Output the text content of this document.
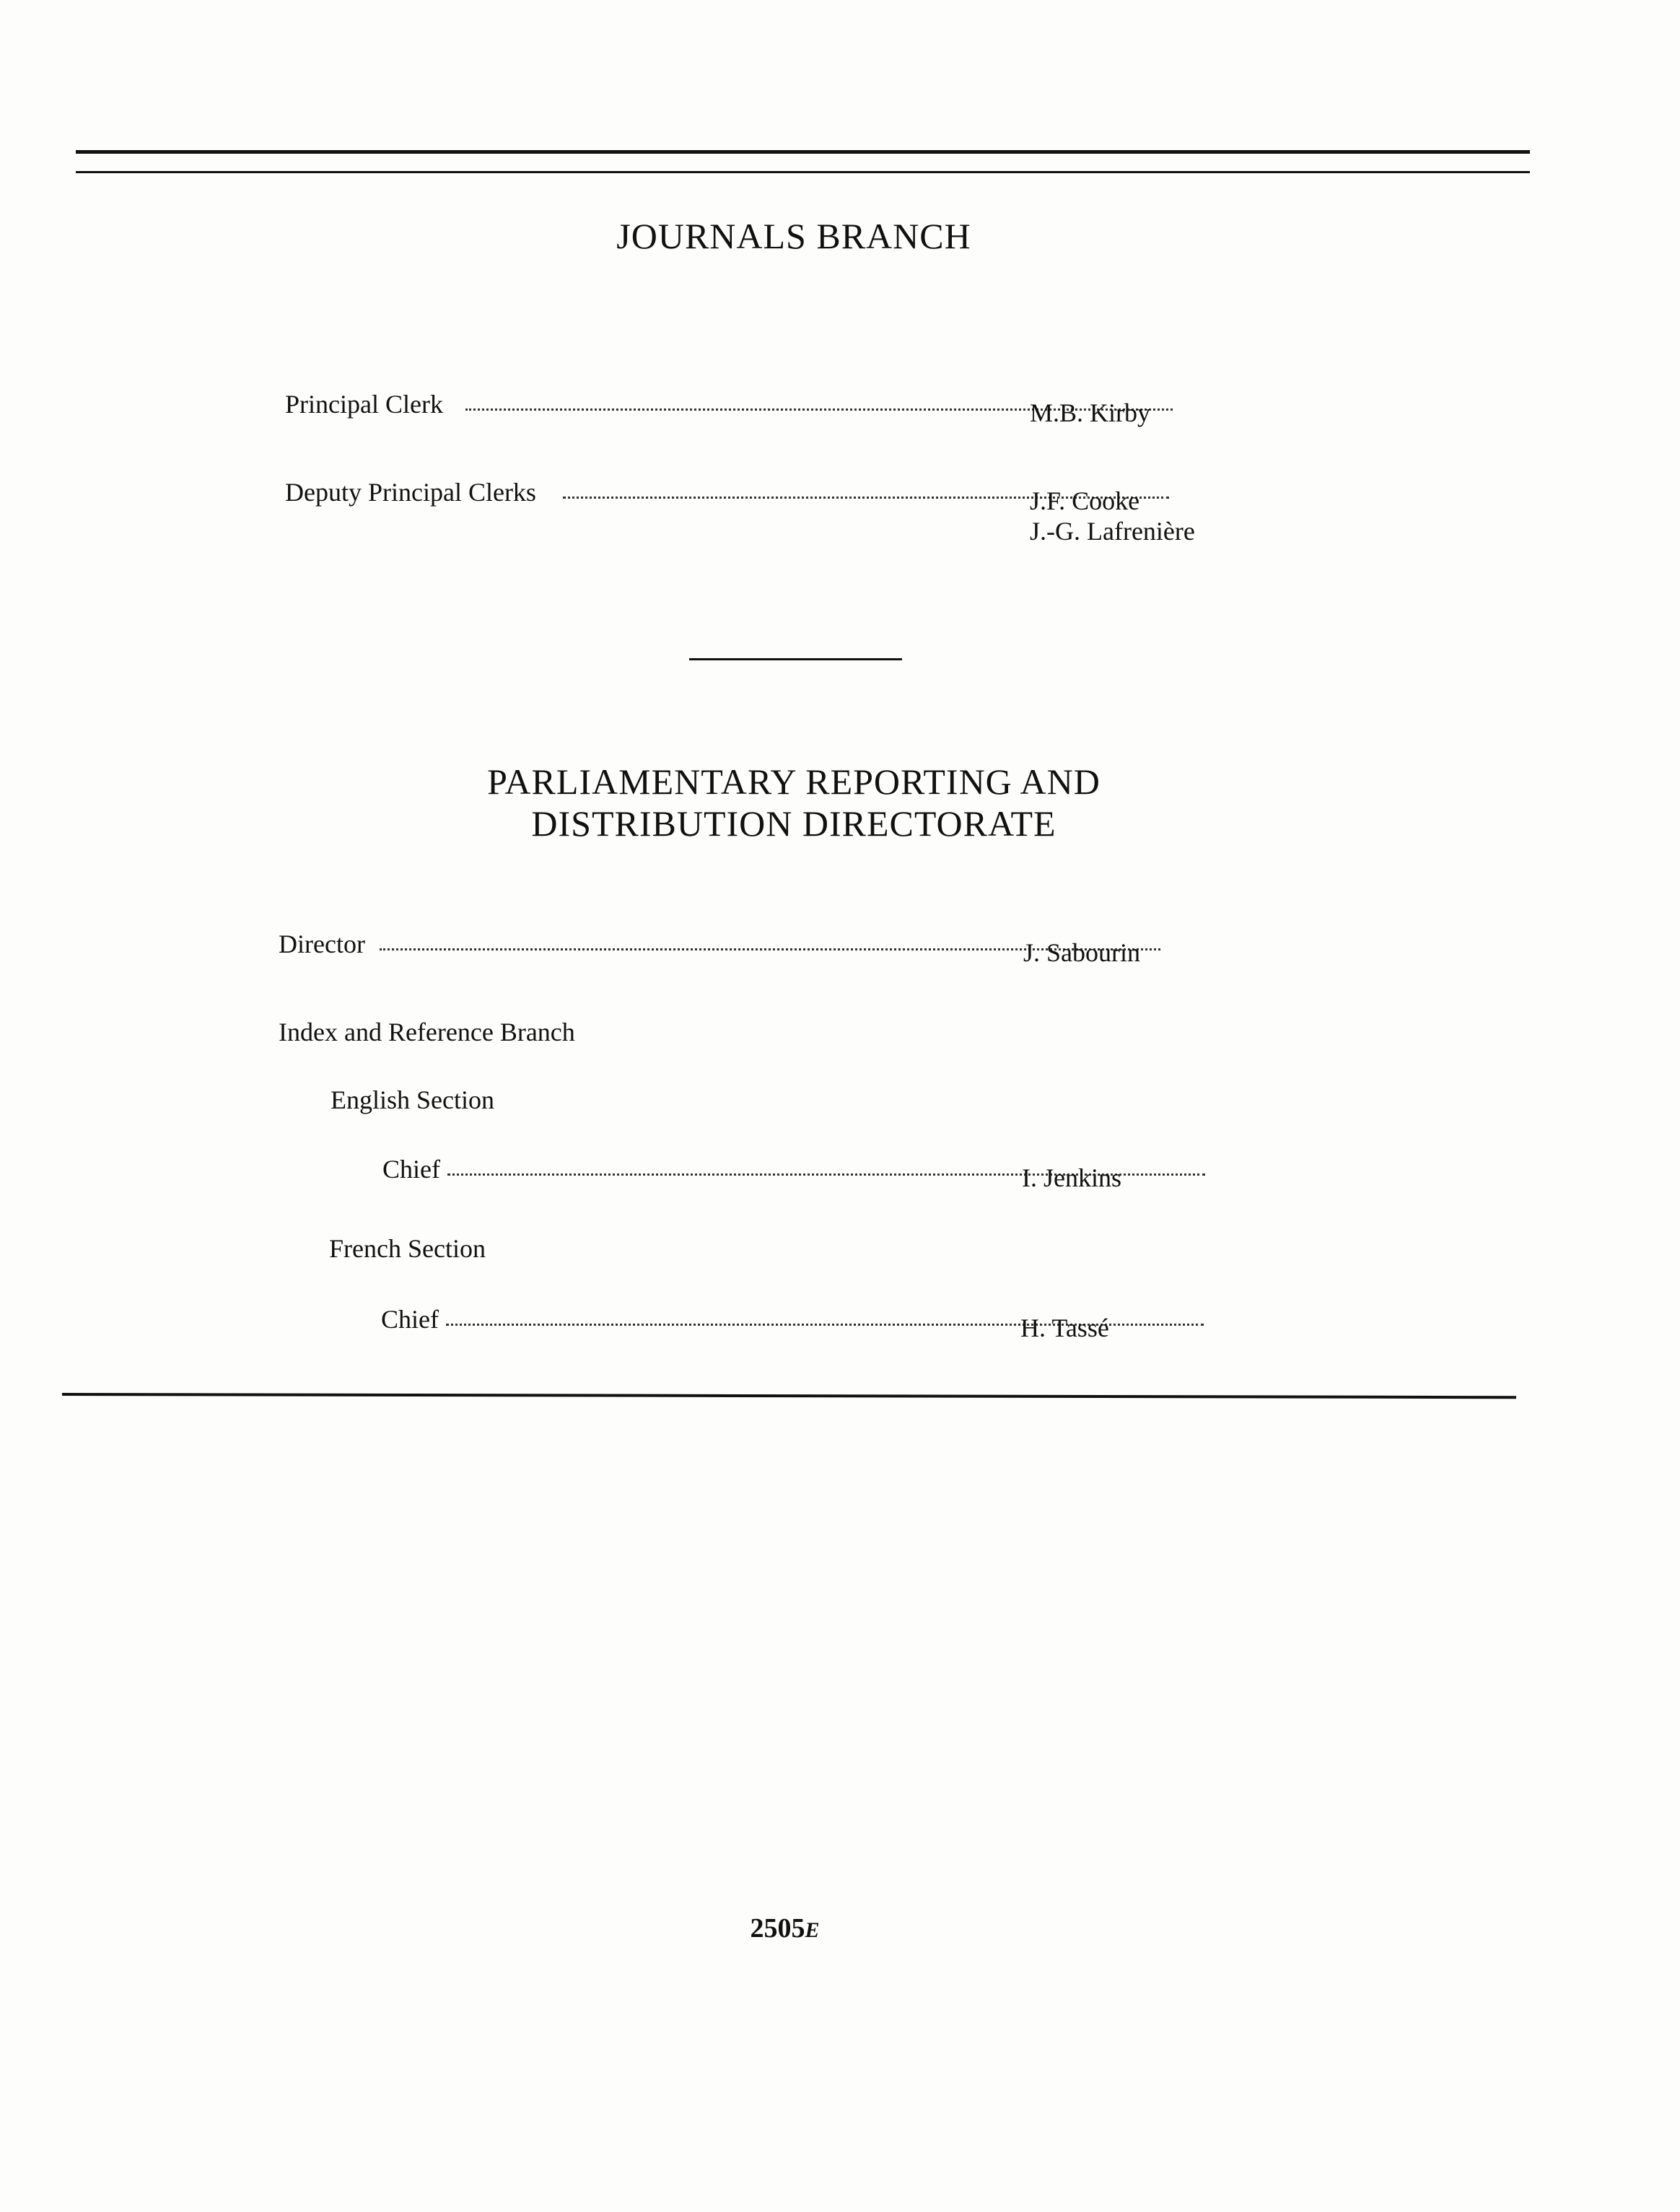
JOURNALS BRANCH
Principal Clerk	M.B. Kirby
Deputy Principal Clerks	J.F. Cooke
J.-G. Lafrenière
PARLIAMENTARY REPORTING AND
DISTRIBUTION DIRECTORATE
Director	J. Sabourin
Index and Reference Branch
English Section
Chief	I. Jenkins
French Section
Chief	H. Tassé
2505E
